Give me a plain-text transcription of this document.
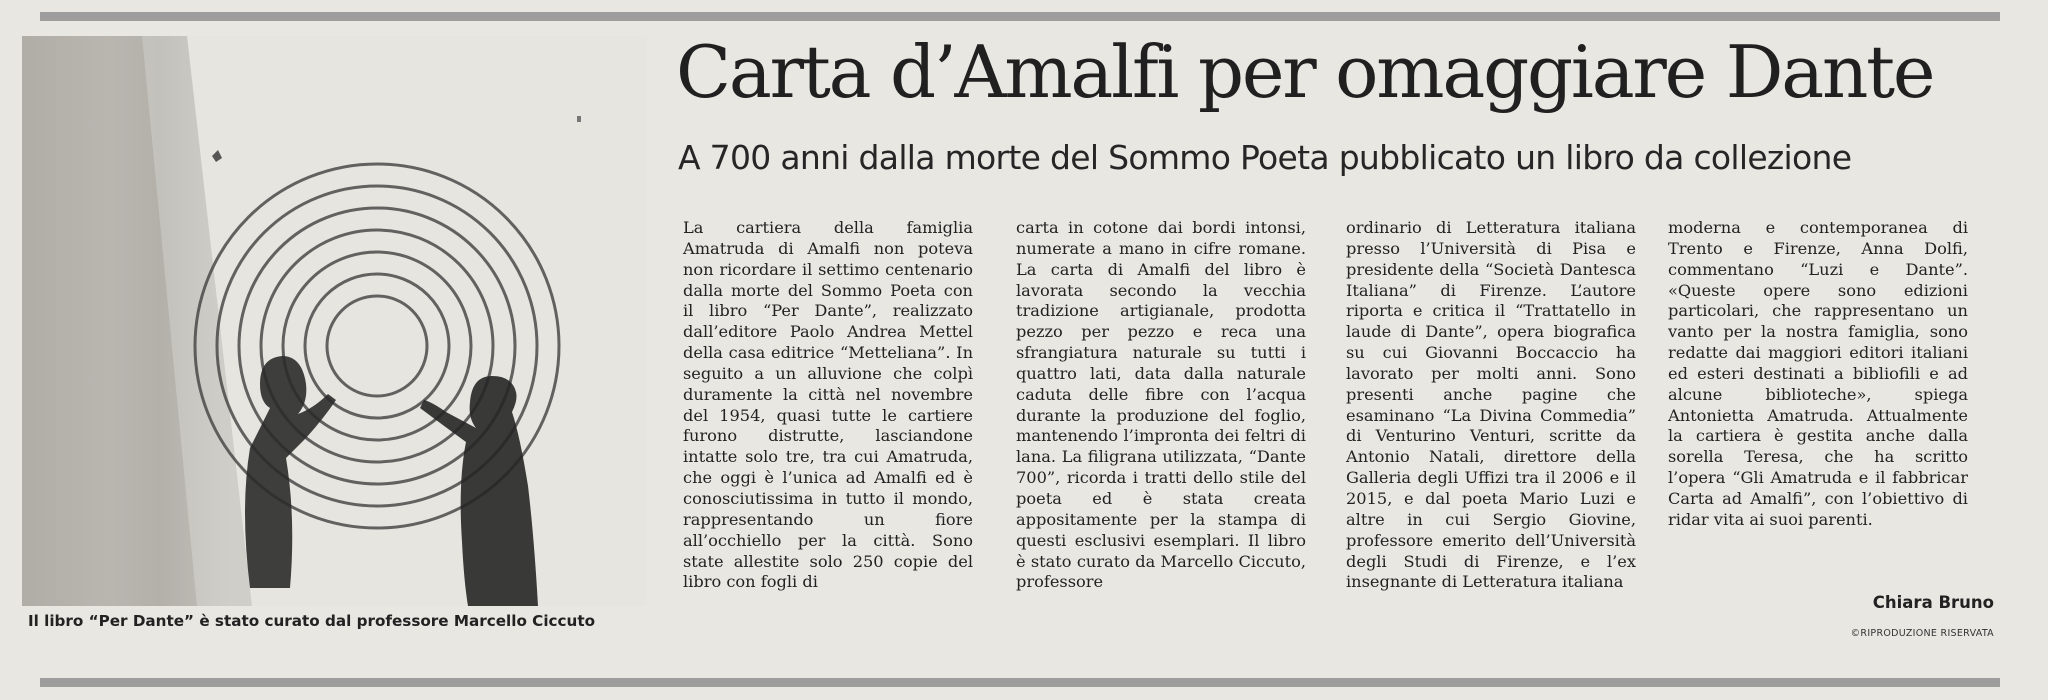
Il libro “Per Dante” è stato curato dal professore Marcello Ciccuto
Carta d’Amalfi per omaggiare Dante
A 700 anni dalla morte del Sommo Poeta pubblicato un libro da collezione

La cartiera della famiglia Amatruda di Amalfi non poteva non ricordare il settimo centenario dalla morte del Sommo Poeta con il libro “Per Dante”, realizzato dall’editore Paolo Andrea Mettel della casa editrice “Metteliana”. In seguito a un alluvione che colpì duramente la città nel novembre del 1954, quasi tutte le cartiere furono distrutte, lasciandone intatte solo tre, tra cui Amatruda, che oggi è l’unica ad Amalfi ed è conosciutissima in tutto il mondo, rappresentando un fiore all’occhiello per la città. Sono state allestite solo 250 copie del libro con fogli di

carta in cotone dai bordi intonsi, numerate a mano in cifre romane. La carta di Amalfi del libro è lavorata secondo la vecchia tradizione artigianale, prodotta pezzo per pezzo e reca una sfrangiatura naturale su tutti i quattro lati, data dalla naturale caduta delle fibre con l’acqua durante la produzione del foglio, mantenendo l’impronta dei feltri di lana. La filigrana utilizzata, “Dante 700”, ricorda i tratti dello stile del poeta ed è stata creata appositamente per la stampa di questi esclusivi esemplari. Il libro è stato curato da Marcello Ciccuto, professore

ordinario di Letteratura italiana presso l’Università di Pisa e presidente della “Società Dantesca Italiana” di Firenze. L’autore riporta e critica il “Trattatello in laude di Dante”, opera biografica su cui Giovanni Boccaccio ha lavorato per molti anni. Sono presenti anche pagine che esaminano “La Divina Commedia” di Venturino Venturi, scritte da Antonio Natali, direttore della Galleria degli Uffizi tra il 2006 e il 2015, e dal poeta Mario Luzi e altre in cui Sergio Giovine, professore emerito dell’Università degli Studi di Firenze, e l’ex insegnante di Letteratura italiana

moderna e contemporanea di Trento e Firenze, Anna Dolfi, commentano “Luzi e Dante”. «Queste opere sono edizioni particolari, che rappresentano un vanto per la nostra famiglia, sono redatte dai maggiori editori italiani ed esteri destinati a bibliofili e ad alcune biblioteche», spiega Antonietta Amatruda. Attualmente la cartiera è gestita anche dalla sorella Teresa, che ha scritto l’opera “Gli Amatruda e il fabbricar Carta ad Amalfi”, con l’obiettivo di ridar vita ai suoi parenti.

Chiara Bruno
©RIPRODUZIONE RISERVATA
